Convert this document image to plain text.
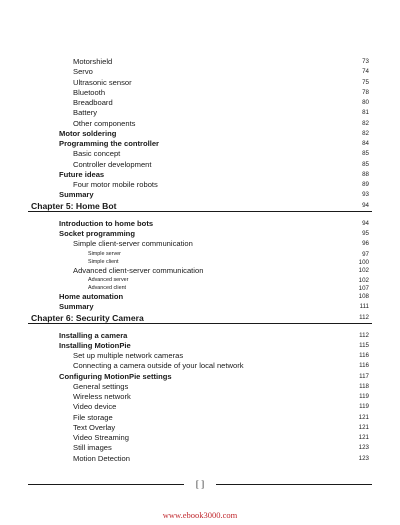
Motorshield	73
Servo	74
Ultrasonic sensor	75
Bluetooth	78
Breadboard	80
Battery	81
Other components	82
Motor soldering	82
Programming the controller	84
Basic concept	85
Controller development	85
Future ideas	88
Four motor mobile robots	89
Summary	93
Chapter 5: Home Bot	94
Introduction to home bots	94
Socket programming	95
Simple client-server communication	96
Simple server	97
Simple client	100
Advanced client-server communication	102
Advanced server	102
Advanced client	107
Home automation	108
Summary	111
Chapter 6: Security Camera	112
Installing a camera	112
Installing MotionPie	115
Set up multiple network cameras	116
Connecting a camera outside of your local network	116
Configuring MotionPie settings	117
General settings	118
Wireless network	119
Video device	119
File storage	121
Text Overlay	121
Video Streaming	121
Still images	123
Motion Detection	123
[ ]
www.ebook3000.com
